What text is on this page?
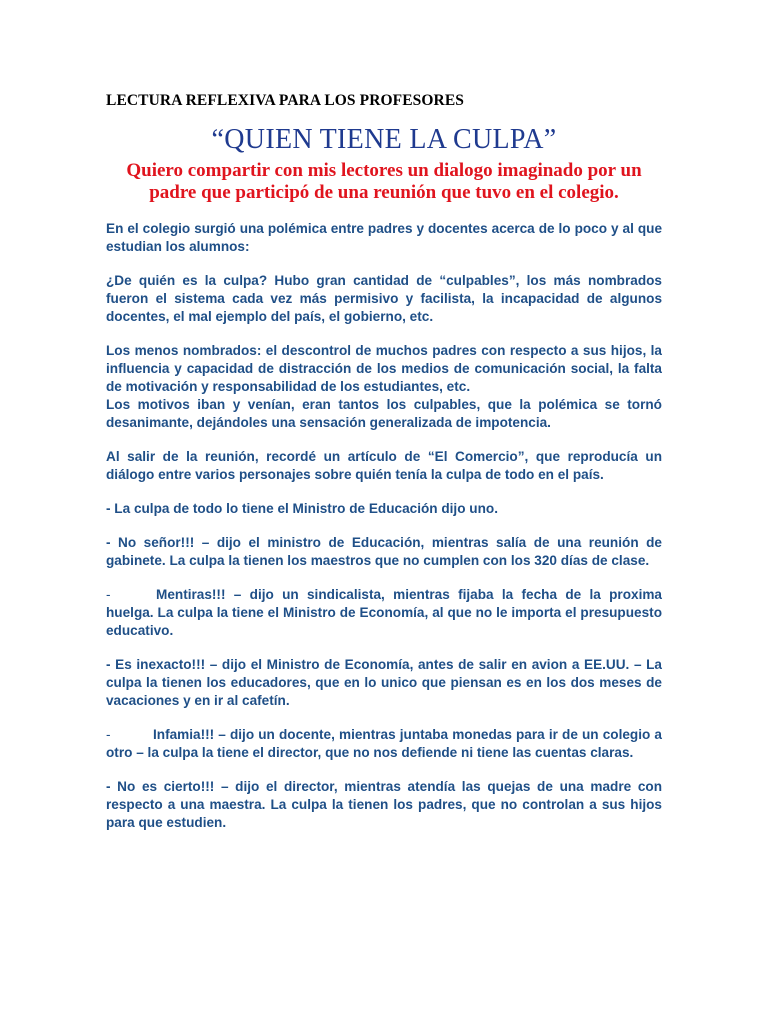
LECTURA REFLEXIVA PARA LOS PROFESORES
“QUIEN TIENE LA CULPA”
Quiero compartir con mis lectores un dialogo imaginado por un padre que participó de una reunión que tuvo en el colegio.

En el colegio surgió una polémica entre padres y docentes acerca de lo poco y al que estudian los alumnos:

¿De quién es la culpa? Hubo gran cantidad de “culpables”, los más nombrados fueron el sistema cada vez más permisivo y facilista, la incapacidad de algunos docentes, el mal ejemplo del país, el gobierno, etc.

Los menos nombrados: el descontrol de muchos padres con respecto a sus hijos, la influencia y capacidad de distracción de los medios de comunicación social, la falta de motivación y responsabilidad de los estudiantes, etc.

Los motivos iban y venían, eran tantos los culpables, que la polémica se tornó desanimante, dejándoles una sensación generalizada de impotencia.

Al salir de la reunión, recordé un artículo de “El Comercio”, que reproducía un diálogo entre varios personajes sobre quién tenía la culpa de todo en el país.

- La culpa de todo lo tiene el Ministro de Educación dijo uno.

- No señor!!! – dijo el ministro de Educación, mientras salía de una reunión de gabinete. La culpa la tienen los maestros que no cumplen con los 320 días de clase.

-	Mentiras!!! – dijo un sindicalista, mientras fijaba la fecha de la proxima huelga. La culpa la tiene el Ministro de Economía, al que no le importa el presupuesto educativo.

- Es inexacto!!! – dijo el Ministro de Economía, antes de salir en avion a EE.UU. – La culpa la tienen los educadores, que en lo unico que piensan es en los dos meses de vacaciones y en ir al cafetín.

-	Infamia!!! – dijo un docente, mientras juntaba monedas para ir de un colegio a otro – la culpa la tiene el director, que no nos defiende ni tiene las cuentas claras.

- No es cierto!!! – dijo el director, mientras atendía las quejas de una madre con respecto a una maestra. La culpa la tienen los padres, que no controlan a sus hijos para que estudien.
